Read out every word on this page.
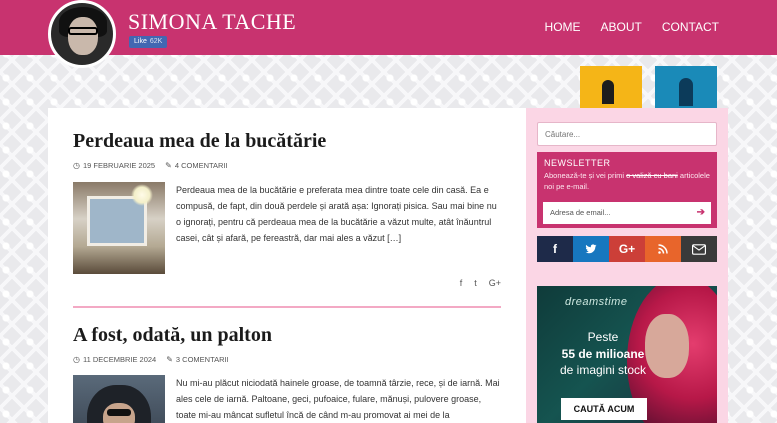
SIMONA TACHE
Like 62K
HOME ABOUT CONTACT
Perdeaua mea de la bucătărie
◷ 19 FEBRUARIE 2025 ✎ 4 COMENTARII

Perdeaua mea de la bucătărie e preferata mea dintre toate cele din casă. Ea e compusă, de fapt, din două perdele și arată așa: Ignorați pisica. Sau mai bine nu o ignorați, pentru că perdeaua mea de la bucătărie a văzut multe, atât înăuntrul casei, cât și afară, pe fereastră, dar mai ales a văzut […]

f t G+
A fost, odată, un palton
◷ 11 DECEMBRIE 2024 ✎ 3 COMENTARII

Nu mi-au plăcut niciodată hainele groase, de toamnă târzie, rece, și de iarnă. Mai ales cele de iarnă. Paltoane, geci, pufoaice, fulare, mănuși, pulovere groase, toate mi-au mâncat sufletul încă de când m-au promovat ai mei de la

Căutare...
NEWSLETTER
Abonează-te și vei primi o valiză cu bani articolele noi pe e-mail.
Adresa de email...	➔
f	G+
dreamstime
Peste
55 de milioane
de imagini stock
CAUTĂ ACUM
